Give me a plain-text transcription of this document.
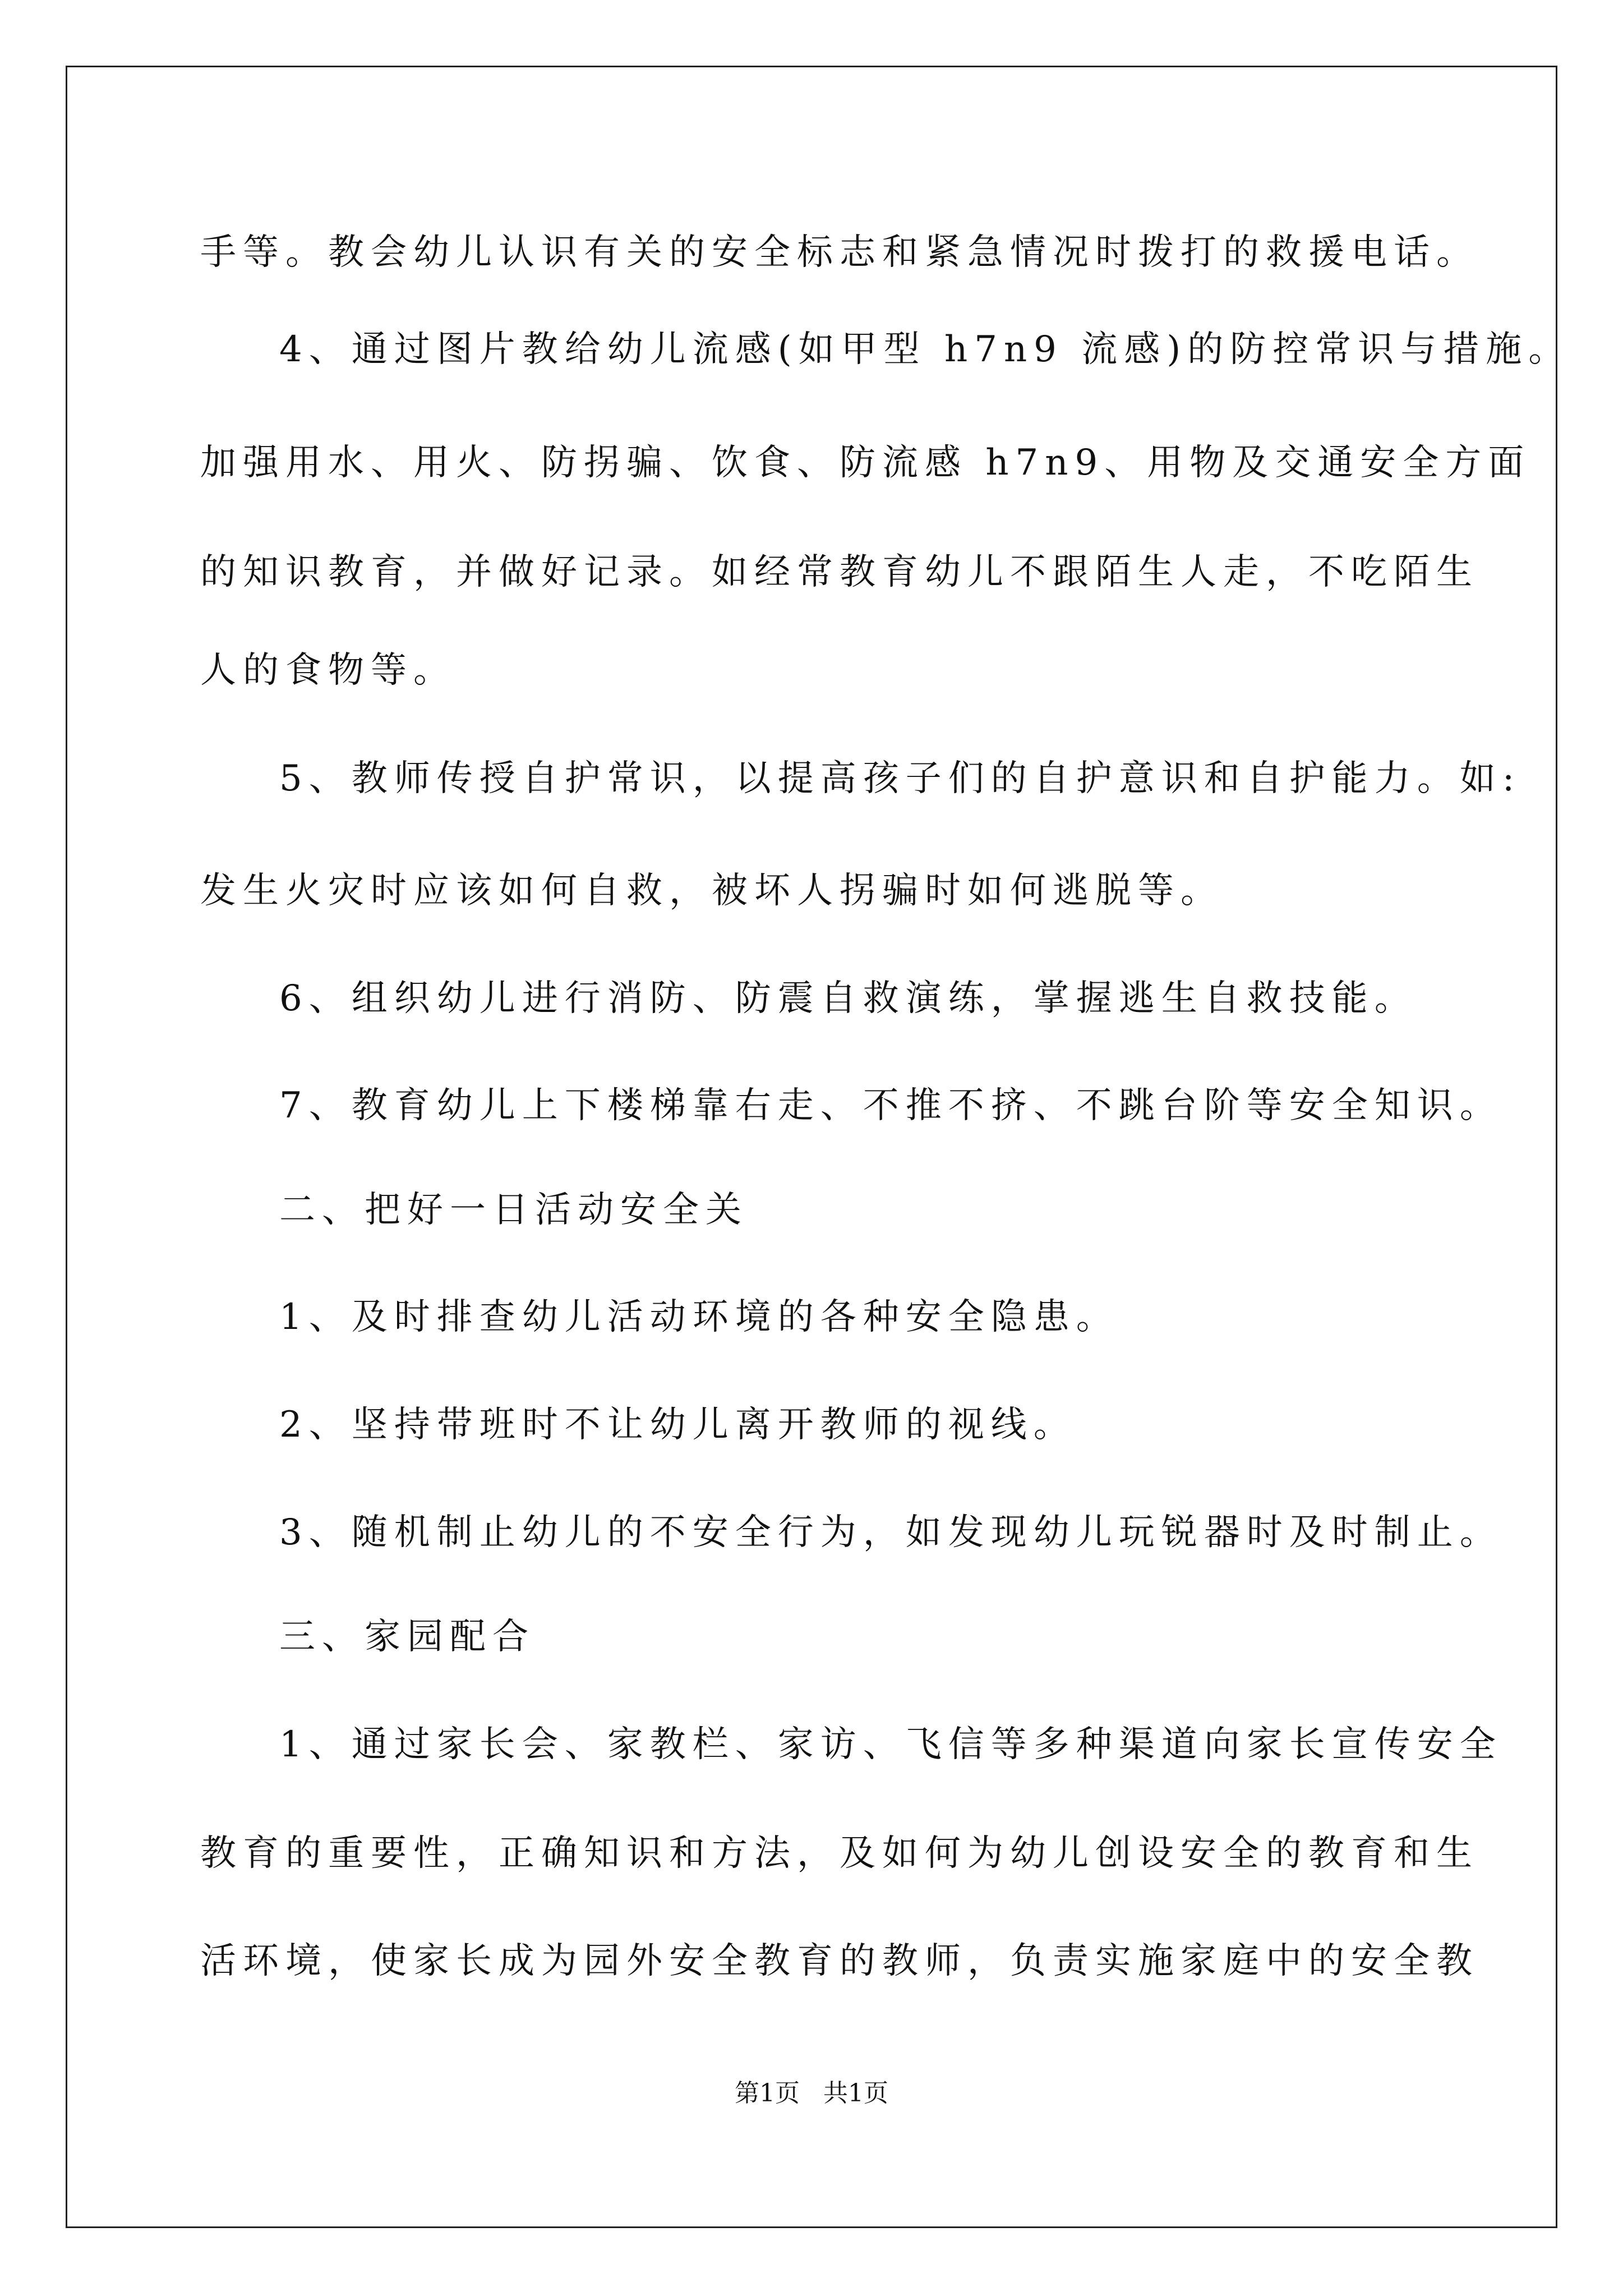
手等。教会幼儿认识有关的安全标志和紧急情况时拨打的救援电话。
4、通过图片教给幼儿流感(如甲型 h7n9 流感)的防控常识与措施。
加强用水、用火、防拐骗、饮食、防流感 h7n9、用物及交通安全方面
的知识教育，并做好记录。如经常教育幼儿不跟陌生人走，不吃陌生
人的食物等。
5、教师传授自护常识，以提高孩子们的自护意识和自护能力。如:
发生火灾时应该如何自救，被坏人拐骗时如何逃脱等。
6、组织幼儿进行消防、防震自救演练，掌握逃生自救技能。
7、教育幼儿上下楼梯靠右走、不推不挤、不跳台阶等安全知识。
二、把好一日活动安全关
1、及时排查幼儿活动环境的各种安全隐患。
2、坚持带班时不让幼儿离开教师的视线。
3、随机制止幼儿的不安全行为，如发现幼儿玩锐器时及时制止。
三、家园配合
1、通过家长会、家教栏、家访、飞信等多种渠道向家长宣传安全
教育的重要性，正确知识和方法，及如何为幼儿创设安全的教育和生
活环境，使家长成为园外安全教育的教师，负责实施家庭中的安全教
第1页   共1页
